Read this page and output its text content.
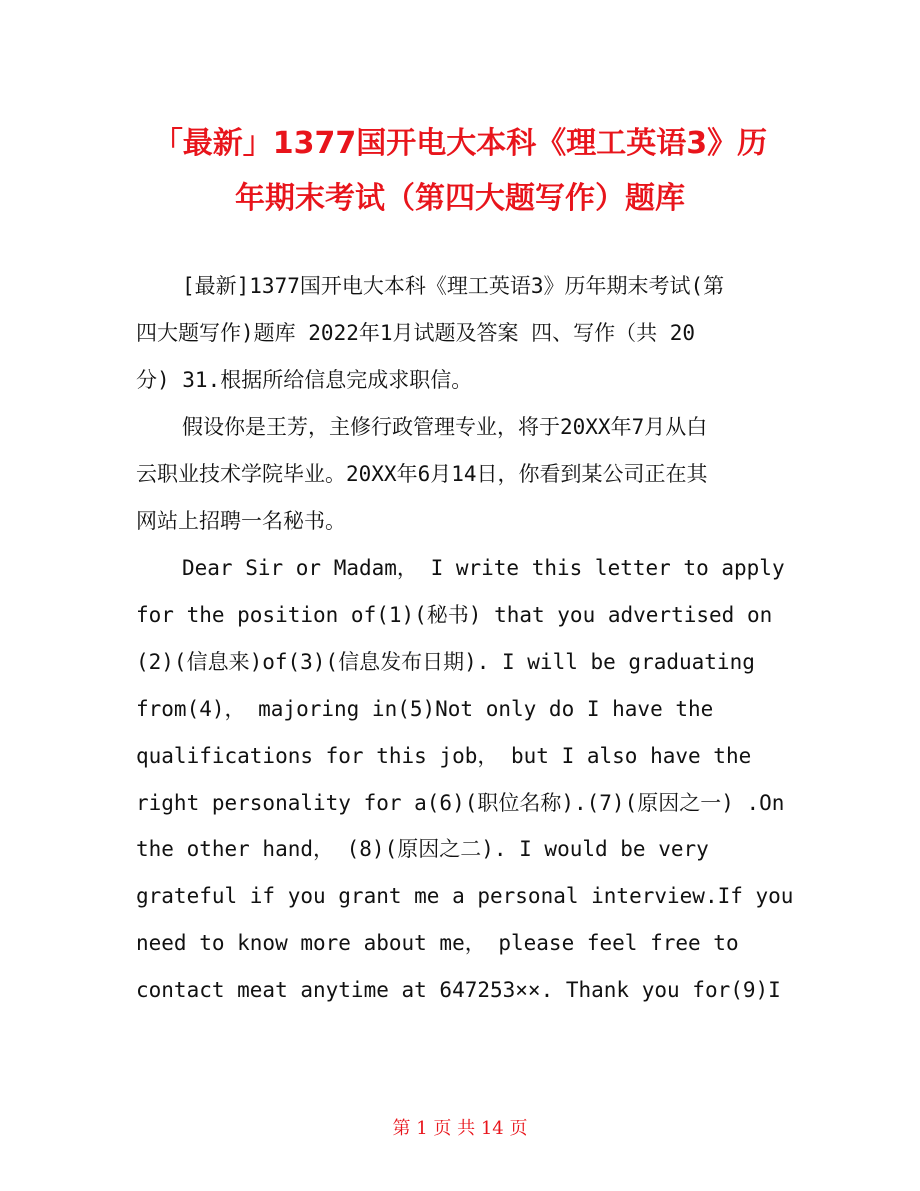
「最新」1377国开电大本科《理工英语3》历
年期末考试（第四大题写作）题库

[最新]1377国开电大本科《理工英语3》历年期末考试(第

四大题写作)题库 2022年1月试题及答案 四、写作（共 20

分) 31.根据所给信息完成求职信。

假设你是王芳，主修行政管理专业，将于20XX年7月从白

云职业技术学院毕业。20XX年6月14日，你看到某公司正在其

网站上招聘一名秘书。

Dear Sir or Madam， I write this letter to apply

for the position of(1)(秘书) that you advertised on

(2)(信息来)of(3)(信息发布日期). I will be graduating

from(4)， majoring in(5)Not only do I have the

qualifications for this job， but I also have the

right personality for a(6)(职位名称).(7)(原因之一) .On

the other hand， (8)(原因之二). I would be very

grateful if you grant me a personal interview.If you

need to know more about me， please feel free to

contact meat anytime at 647253××. Thank you for(9)I

第 1 页 共 14 页
